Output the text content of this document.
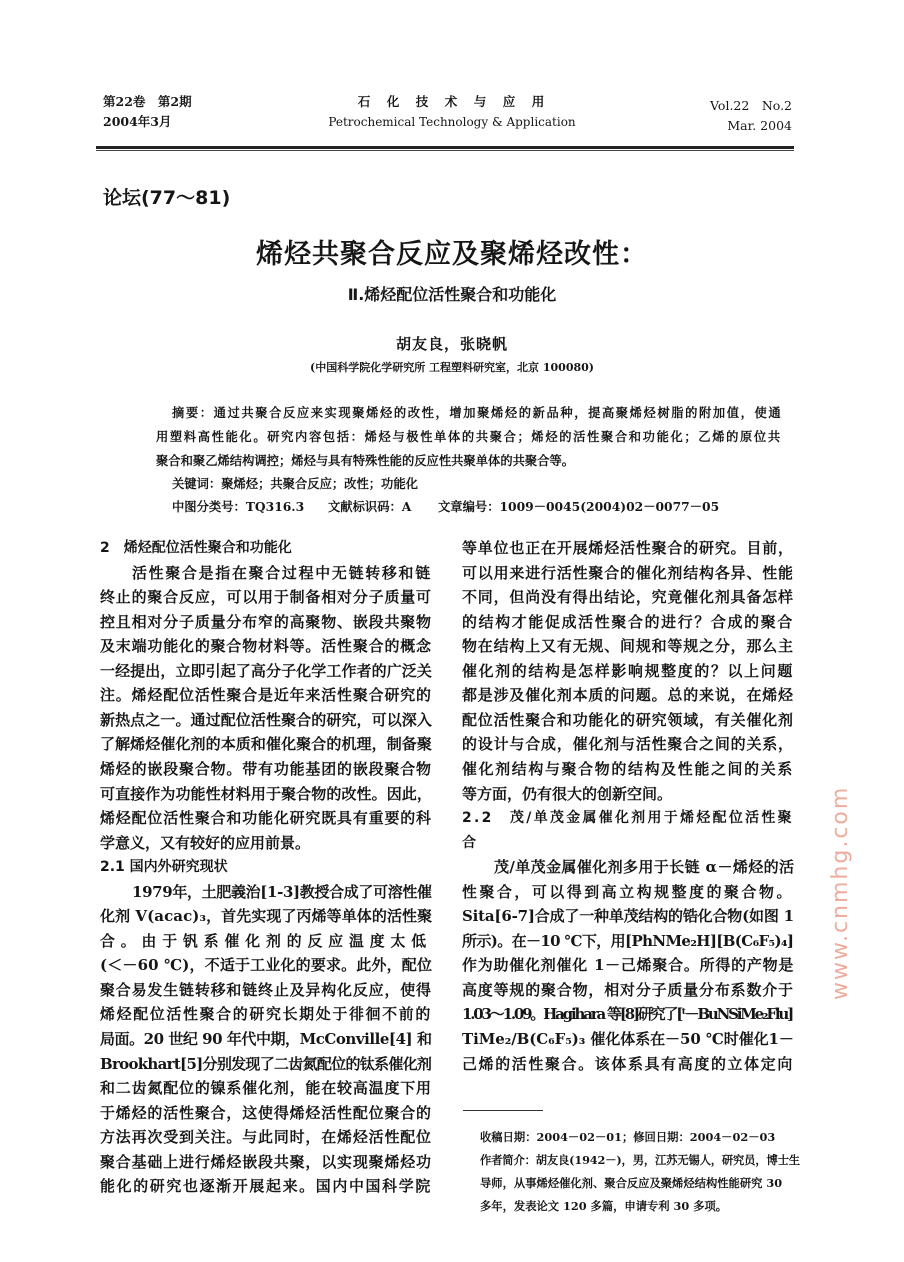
第22卷　第2期
2004年3月
石　化　技　术　与　应　用
Petrochemical Technology & Application
Vol.22　No.2
Mar. 2004
论坛(77～81)
烯烃共聚合反应及聚烯烃改性：
Ⅱ.烯烃配位活性聚合和功能化
胡友良，张晓帆
(中国科学院化学研究所 工程塑料研究室，北京 100080)
摘要：通过共聚合反应来实现聚烯烃的改性，增加聚烯烃的新品种，提高聚烯烃树脂的附加值，使通
用塑料高性能化。研究内容包括：烯烃与极性单体的共聚合；烯烃的活性聚合和功能化；乙烯的原位共
聚合和聚乙烯结构调控；烯烃与具有特殊性能的反应性共聚单体的共聚合等。
关键词：聚烯烃；共聚合反应；改性；功能化
中图分类号：TQ316.3 文献标识码：A 文章编号：1009－0045(2004)02－0077－05
2　烯烃配位活性聚合和功能化
活性聚合是指在聚合过程中无链转移和链
终止的聚合反应，可以用于制备相对分子质量可
控且相对分子质量分布窄的高聚物、嵌段共聚物
及末端功能化的聚合物材料等。活性聚合的概念
一经提出，立即引起了高分子化学工作者的广泛关
注。烯烃配位活性聚合是近年来活性聚合研究的
新热点之一。通过配位活性聚合的研究，可以深入
了解烯烃催化剂的本质和催化聚合的机理，制备聚
烯烃的嵌段聚合物。带有功能基团的嵌段聚合物
可直接作为功能性材料用于聚合物的改性。因此，
烯烃配位活性聚合和功能化研究既具有重要的科
学意义，又有较好的应用前景。
2.1 国内外研究现状
1979年，土肥義治[1-3]教授合成了可溶性催
化剂 V(acac)₃，首先实现了丙烯等单体的活性聚
合。由于钒系催化剂的反应温度太低
(＜－60 ℃)，不适于工业化的要求。此外，配位
聚合易发生链转移和链终止及异构化反应，使得
烯烃配位活性聚合的研究长期处于徘徊不前的
局面。20 世纪 90 年代中期，McConville[4] 和
Brookhart[5]分别发现了二齿氮配位的钛系催化剂
和二齿氮配位的镍系催化剂，能在较高温度下用
于烯烃的活性聚合，这使得烯烃活性配位聚合的
方法再次受到关注。与此同时，在烯烃活性配位
聚合基础上进行烯烃嵌段共聚，以实现聚烯烃功
能化的研究也逐渐开展起来。国内中国科学院
等单位也正在开展烯烃活性聚合的研究。目前，
可以用来进行活性聚合的催化剂结构各异、性能
不同，但尚没有得出结论，究竟催化剂具备怎样
的结构才能促成活性聚合的进行？合成的聚合
物在结构上又有无规、间规和等规之分，那么主
催化剂的结构是怎样影响规整度的？以上问题
都是涉及催化剂本质的问题。总的来说，在烯烃
配位活性聚合和功能化的研究领域，有关催化剂
的设计与合成，催化剂与活性聚合之间的关系，
催化剂结构与聚合物的结构及性能之间的关系
等方面，仍有很大的创新空间。
2.2　茂/单茂金属催化剂用于烯烃配位活性聚
合
茂/单茂金属催化剂多用于长链 α－烯烃的活
性聚合，可以得到高立构规整度的聚合物。
Sita[6-7]合成了一种单茂结构的锆化合物(如图 1
所示)。在－10 ℃下，用[PhNMe₂H][B(C₆F₅)₄]
作为助催化剂催化 1－己烯聚合。所得的产物是
高度等规的聚合物，相对分子质量分布系数介于
1.03～1.09。Hagihara 等[8]研究了[ᵗ－BuNSiMe₂Flu]
TiMe₂/B(C₆F₅)₃ 催化体系在－50 ℃时催化1－
己烯的活性聚合。该体系具有高度的立体定向
收稿日期：2004－02－01；修回日期：2004－02－03
作者简介：胡友良(1942－)，男，江苏无锡人，研究员，博士生
导师，从事烯烃催化剂、聚合反应及聚烯烃结构性能研究 30
多年，发表论文 120 多篇，申请专利 30 多项。
www.cnmhg.com
